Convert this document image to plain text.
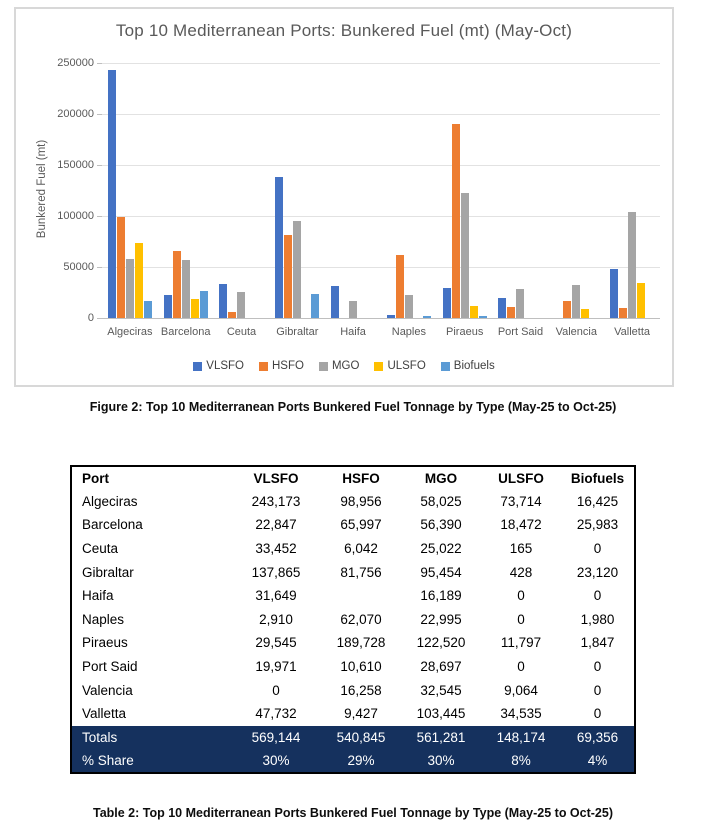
Top 10 Mediterranean Ports: Bunkered Fuel (mt) (May-Oct)
Bunkered Fuel (mt)
0
50000
100000
150000
200000
250000
Algeciras Barcelona	Ceuta	Gibraltar	Haifa	Naples	Piraeus	Port Said	Valencia	Valletta
VLSFO HSFO MGO ULSFO Biofuels
Figure 2: Top 10 Mediterranean Ports Bunkered Fuel Tonnage by Type (May-25 to Oct-25)
Port	VLSFO	HSFO	MGO	ULSFO	Biofuels
Algeciras	243,173	98,956	58,025	73,714	16,425
Barcelona	22,847	65,997	56,390	18,472	25,983
Ceuta	33,452	6,042	25,022	165	0
Gibraltar	137,865	81,756	95,454	428	23,120
Haifa	31,649		16,189	0	0
Naples	2,910	62,070	22,995	0	1,980
Piraeus	29,545	189,728	122,520	11,797	1,847
Port Said	19,971	10,610	28,697	0	0
Valencia	0	16,258	32,545	9,064	0
Valletta	47,732	9,427	103,445	34,535	0
Totals	569,144	540,845	561,281	148,174	69,356
% Share	30%	29%	30%	8%	4%
Table 2: Top 10 Mediterranean Ports Bunkered Fuel Tonnage by Type (May-25 to Oct-25)
